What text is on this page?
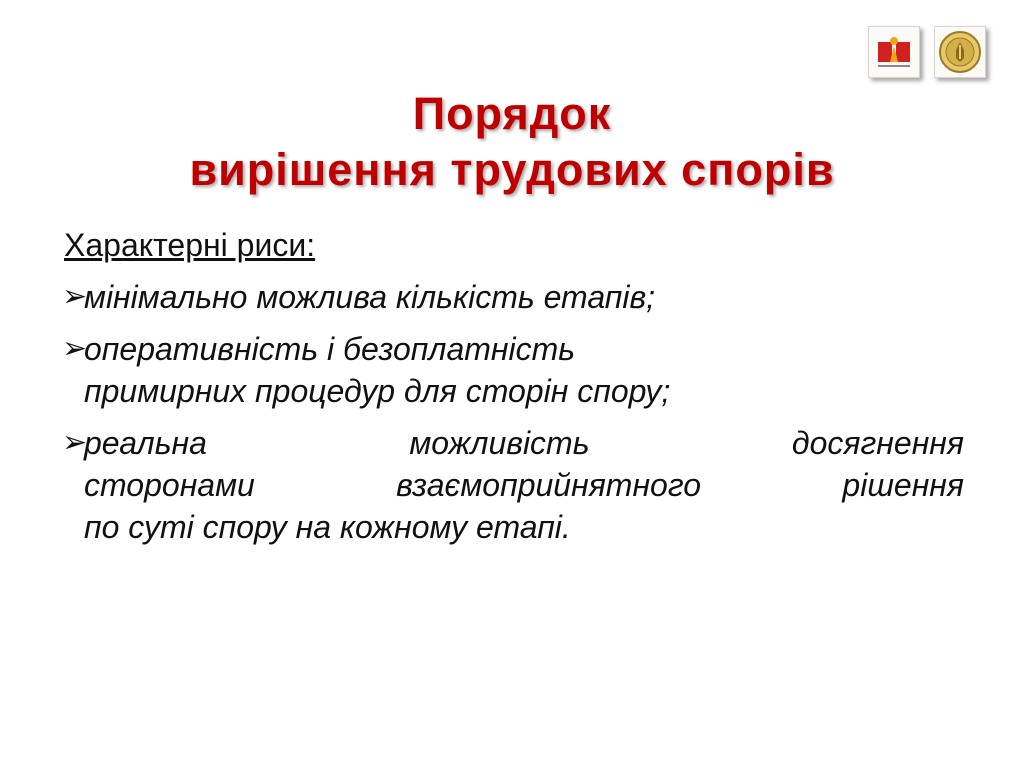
Порядок
вирішення трудових спорів
Характерні риси:
➢
мінімально можлива кількість етапів;
➢
оперативність і безоплатність
примирних процедур для сторін спору;
➢
реальна можливість досягнення
сторонами взаємоприйнятного рішення
по суті спору на кожному етапі.
